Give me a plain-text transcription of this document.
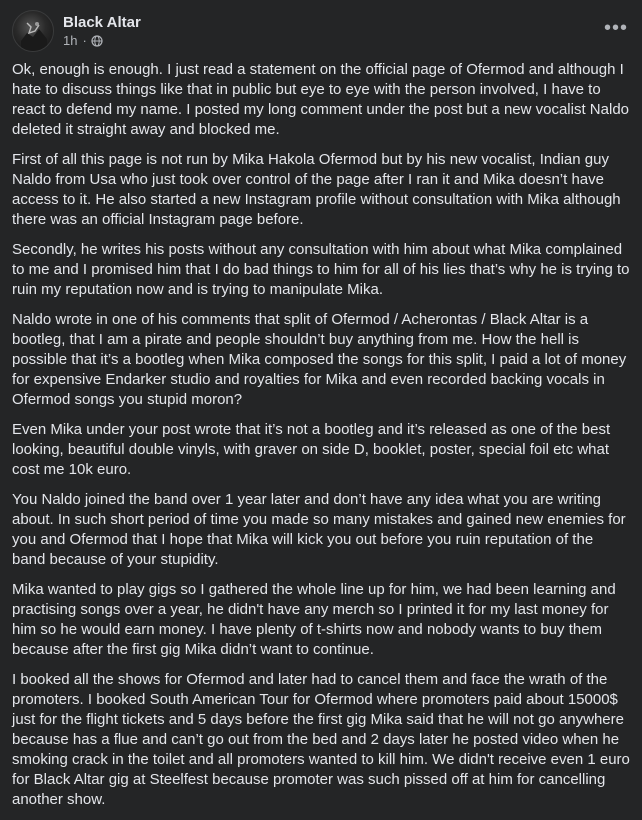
Black Altar
1h ·
•••

Ok, enough is enough. I just read a statement on the official page of Ofermod and although I hate to discuss things like that in public but eye to eye with the person involved, I have to react to defend my name. I posted my long comment under the post but a new vocalist Naldo deleted it straight away and blocked me.

First of all this page is not run by Mika Hakola Ofermod but by his new vocalist, Indian guy Naldo from Usa who just took over control of the page after I ran it and Mika doesn’t have access to it. He also started a new Instagram profile without consultation with Mika although there was an official Instagram page before.

Secondly, he writes his posts without any consultation with him about what Mika complained to me and I promised him that I do bad things to him for all of his lies that’s why he is trying to ruin my reputation now and is trying to manipulate Mika.

Naldo wrote in one of his comments that split of Ofermod / Acherontas / Black Altar is a bootleg, that I am a pirate and people shouldn’t buy anything from me. How the hell is possible that it’s a bootleg when Mika composed the songs for this split, I paid a lot of money for expensive Endarker studio and royalties for Mika and even recorded backing vocals in Ofermod songs you stupid moron?

Even Mika under your post wrote that it’s not a bootleg and it’s released as one of the best looking, beautiful double vinyls, with graver on side D, booklet, poster, special foil etc what cost me 10k euro.

You Naldo joined the band over 1 year later and don’t have any idea what you are writing about. In such short period of time you made so many mistakes and gained new enemies for you and Ofermod that I hope that Mika will kick you out before you ruin reputation of the band because of your stupidity.

Mika wanted to play gigs so I gathered the whole line up for him, we had been learning and practising songs over a year, he didn't have any merch so I printed it for my last money for him so he would earn money. I have plenty of t-shirts now and nobody wants to buy them because after the first gig Mika didn’t want to continue.

I booked all the shows for Ofermod and later had to cancel them and face the wrath of the promoters. I booked South American Tour for Ofermod where promoters paid about 15000$ just for the flight tickets and 5 days before the first gig Mika said that he will not go anywhere because has a flue and can’t go out from the bed and 2 days later he posted video when he smoking crack in the toilet and all promoters wanted to kill him. We didn't receive even 1 euro for Black Altar gig at Steelfest because promoter was such pissed off at him for cancelling another show.
